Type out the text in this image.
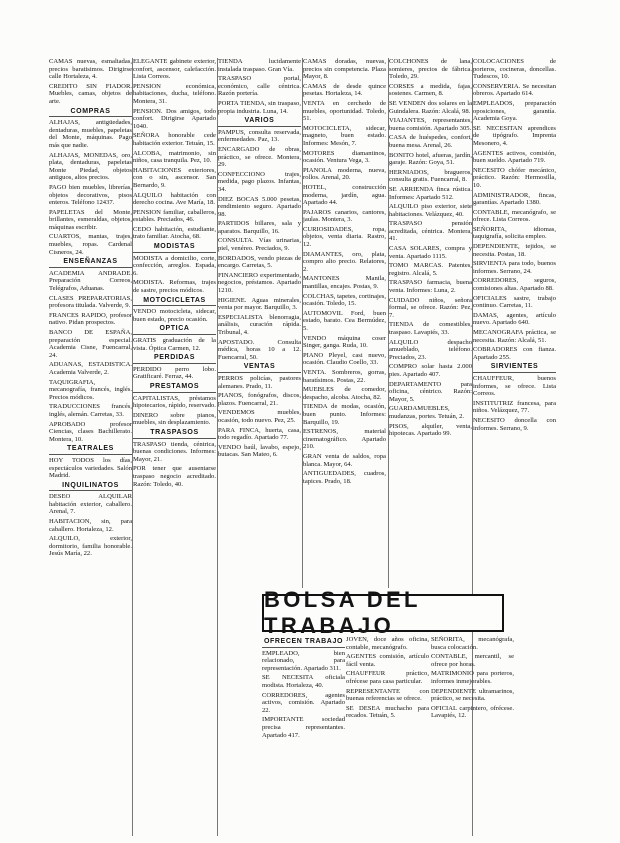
CAMAS nuevas, esmaltadas, precios baratisimos. Dirigirse calle Hortaleza, 4.
CREDITO SIN FIADOR. Muebles, camas, objetos de arte.
COMPRAS
ALHAJAS, antigüedades, dentaduras, muebles, papeletas del Monte, máquinas. Pago más que nadie.
ALHAJAS, MONEDAS, oro, plata, dentaduras, papeletas Monte Piedad, objetos antiguos, altos precios.
PAGO bien muebles, librerías, objetos decorativos, pisos enteros. Teléfono 12437.
PAPELETAS del Monte, brillantes, esmeraldas, objetos, máquinas escribir.
CUARTOS, mantas, trajes, muebles, ropas. Cardenal Cisneros, 24.
ENSEÑANZAS
ACADEMIA ANDRADE. Preparación Correos, Telégrafos, Aduanas.
CLASES PREPARATORIAS, profesora titulada. Valverde, 9.
FRANCES RAPIDO, profesor nativo. Pidan prospectos.
BANCO DE ESPAÑA, preparación especial. Academia Cisne, Fuencarral, 24.
ADUANAS, ESTADISTICA. Academia Valverde, 2.
TAQUIGRAFIA, mecanografía, francés, inglés. Precios módicos.
TRADUCCIONES francés, inglés, alemán. Carretas, 33.
APROBADO profesor Ciencias, clases Bachillerato. Montera, 10.
TEATRALES
HOY TODOS los días, espectáculos variedades. Salón Madrid.
INQUILINATOS
DESEO ALQUILAR habitación exterior, caballero. Arenal, 7.
HABITACION, sin, para caballero. Hortaleza, 12.
ALQUILO, exterior, dormitorio, familia honorable. Jesús María, 22.
ELEGANTE gabinete exterior, confort, ascensor, calefacción. Lista Correos.
PENSION económica, habitaciones, ducha, teléfono. Montera, 31.
PENSION. Dos amigos, todo confort. Dirigirse Apartado 1040.
SEÑORA honorable cede habitación exterior. Tetuán, 15.
ALCOBA, matrimonio, sin niños, casa tranquila. Pez, 10.
HABITACIONES exteriores, con o sin, ascensor. San Bernardo, 9.
ALQUILO habitación con derecho cocina. Ave María, 18.
PENSION familiar, caballeros, estables. Preciados, 46.
CEDO habitación, estudiante, trato familiar. Atocha, 68.
MODISTAS
MODISTA a domicilio, corte, confección, arreglos. Espada, 6.
MODISTA. Reformas, trajes de sastre, precios módicos.
MOTOCICLETAS
VENDO motocicleta, sidecar, buen estado, precio ocasión.
OPTICA
GRATIS graduación de la vista. Óptica Carmen, 12.
PERDIDAS
PERDIDO perro lobo. Gratificaré. Ferraz, 44.
PRESTAMOS
CAPITALISTAS, préstamos hipotecarios, rápido, reservado.
DINERO sobre pianos, muebles, sin desplazamiento.
TRASPASOS
TRASPASO tienda, céntrica, buenas condiciones. Informes: Mayor, 21.
POR tener que ausentarse traspaso negocio acreditado. Razón: Toledo, 40.
TIENDA lucidamente instalada traspaso. Gran Vía.
TRASPASO portal, económico, calle céntrica. Razón portería.
PORTA TIENDA, sin traspaso, propia industria. Luna, 14.
VARIOS
PAMPUS, consulta reservada, enfermedades. Paz, 13.
ENCARGADO de obras, práctico, se ofrece. Montera, 29.
CONFECCIONO trajes, medida, pago plazos. Infantas, 34.
DIEZ BOCAS 5.000 pesetas, rendimiento seguro. Apartado 98.
PARTIDOS billares, sala y aparatos. Barquillo, 16.
CONSULTA. Vías urinarias, piel, venéreo. Preciados, 9.
BORDADOS, vendo piezas de encargo. Carretas, 5.
FINANCIERO experimentado, negocios, préstamos. Apartado 1210.
HIGIENE. Aguas minerales, venta por mayor. Barquillo, 3.
ESPECIALISTA blenorragia, análisis, curación rápida. Tribunal, 4.
APOSTADO. Consulta médica, horas 10 a 12. Fuencarral, 50.
VENTAS
PERROS policías, pastores alemanes. Prado, 11.
PIANOS, fonógrafos, discos, plazos. Fuencarral, 21.
VENDEMOS muebles, ocasión, todo nuevo. Pez, 25.
PARA FINCA, huerta, casa, todo regadío. Apartado 77.
VENDO baúl, lavabo, espejo, butacas. San Mateo, 6.
CAMAS doradas, nuevas, precios sin competencia. Plaza Mayor, 8.
CAMAS de desde quince pesetas. Hortaleza, 14.
VENTA en cerchedo de muebles, oportunidad. Toledo, 51.
MOTOCICLETA, sidecar, magneto, buen estado. Informes: Mesón, 7.
MOTORES diamantinos, ocasión. Ventura Vega, 3.
PIANOLA moderna, nueva, rollos. Arenal, 20.
HOTEL, construcción moderna, jardín, agua. Apartado 44.
PAJAROS canarios, cantores, jaulas. Montera, 3.
CURIOSIDADES, ropa, objetos, venta diaria. Rastro, 12.
DIAMANTES, oro, plata, compro alto precio. Relatores, 2.
MANTONES Manila, mantillas, encajes. Postas, 9.
COLCHAS, tapetes, cortinajes, ocasión. Toledo, 15.
AUTOMOVIL Ford, buen estado, barato. Cea Bermúdez, 5.
VENDO máquina coser Singer, ganga. Ruda, 10.
PIANO Pleyel, casi nuevo, ocasión. Claudio Coello, 33.
VENTA. Sombreros, gorras, baratísimos. Postas, 22.
MUEBLES de comedor, despacho, alcoba. Atocha, 82.
TIENDA de modas, ocasión, buen punto. Informes: Barquillo, 19.
ESTRENOS, material cinematográfico. Apartado 210.
GRAN venta de saldos, ropa blanca. Mayor, 64.
ANTIGUEDADES, cuadros, tapices. Prado, 18.
COLCHONES de lana, somieres, precios de fábrica. Toledo, 29.
CORSES a medida, fajas, sostenes. Carmen, 8.
SE VENDEN dos solares en la Guindalera. Razón: Alcalá, 98.
VIAJANTES, representantes, buena comisión. Apartado 305.
CASA de huéspedes, confort, buena mesa. Arenal, 26.
BONITO hotel, afueras, jardín, garaje. Razón: Goya, 51.
HERNIADOS, bragueros, consulta gratis. Fuencarral, 8.
SE ARRIENDA finca rústica. Informes: Apartado 512.
ALQUILO piso exterior, siete habitaciones. Velázquez, 40.
TRASPASO pensión acreditada, céntrica. Montera, 41.
CASA SOLARES, compra y venta. Apartado 1115.
TOMO MARCAS. Patentes, registro. Alcalá, 5.
TRASPASO farmacia, buena venta. Informes: Luna, 2.
CUIDADO niños, señora formal, se ofrece. Razón: Pez, 7.
TIENDA de comestibles, traspaso. Lavapiés, 33.
ALQUILO despacho amueblado, teléfono. Preciados, 23.
COMPRO solar hasta 2.000 pies. Apartado 407.
DEPARTAMENTO para oficina, céntrico. Razón: Mayor, 5.
GUARDAMUEBLES, mudanzas, portes. Tetuán, 2.
PISOS, alquiler, venta, hipotecas. Apartado 99.
COLOCACIONES de porteros, cocineras, doncellas. Tudescos, 10.
CONSERVERIA. Se necesitan obreros. Apartado 614.
EMPLEADOS, preparación oposiciones, garantía. Academia Goya.
SE NECESITAN aprendices de tipógrafo. Imprenta Mesonero, 4.
AGENTES activos, comisión, buen sueldo. Apartado 719.
NECESITO chófer mecánico, práctico. Razón: Hermosilla, 10.
ADMINISTRADOR, fincas, garantías. Apartado 1380.
CONTABLE, mecanógrafo, se ofrece. Lista Correos.
SEÑORITA, idiomas, taquigrafía, solicita empleo.
DEPENDIENTE, tejidos, se necesita. Postas, 18.
SIRVIENTA para todo, buenos informes. Serrano, 24.
CORREDORES, seguros, comisiones altas. Apartado 88.
OFICIALES sastre, trabajo continuo. Carretas, 11.
DAMAS, agentes, artículo nuevo. Apartado 640.
MECANOGRAFA práctica, se necesita. Razón: Alcalá, 51.
COBRADORES con fianza. Apartado 255.
SIRVIENTES
CHAUFFEUR, buenos informes, se ofrece. Lista Correos.
INSTITUTRIZ francesa, para niños. Velázquez, 77.
NECESITO doncella con informes. Serrano, 9.
BOLSA DEL TRABAJO
OFRECEN TRABAJO
EMPLEADO, bien relacionado, para representación. Apartado 311.
SE NECESITA oficiala modista. Hortaleza, 40.
CORREDORES, agentes activos, comisión. Apartado 22.
IMPORTANTE sociedad precisa representantes. Apartado 417.
JOVEN, doce años oficina, contable, mecanógrafo.
AGENTES comisión, artículo fácil venta.
CHAUFFEUR práctico, ofrécese para casa particular.
REPRESENTANTE con buenas referencias se ofrece.
SE DESEA muchacho para recados. Tetuán, 5.
SEÑORITA, mecanógrafa, busca colocación.
CONTABLE, mercantil, se ofrece por horas.
MATRIMONIO para porteros, informes inmejorables.
DEPENDIENTE ultramarinos, práctico, se necesita.
OFICIAL carpintero, ofrécese. Lavapiés, 12.
